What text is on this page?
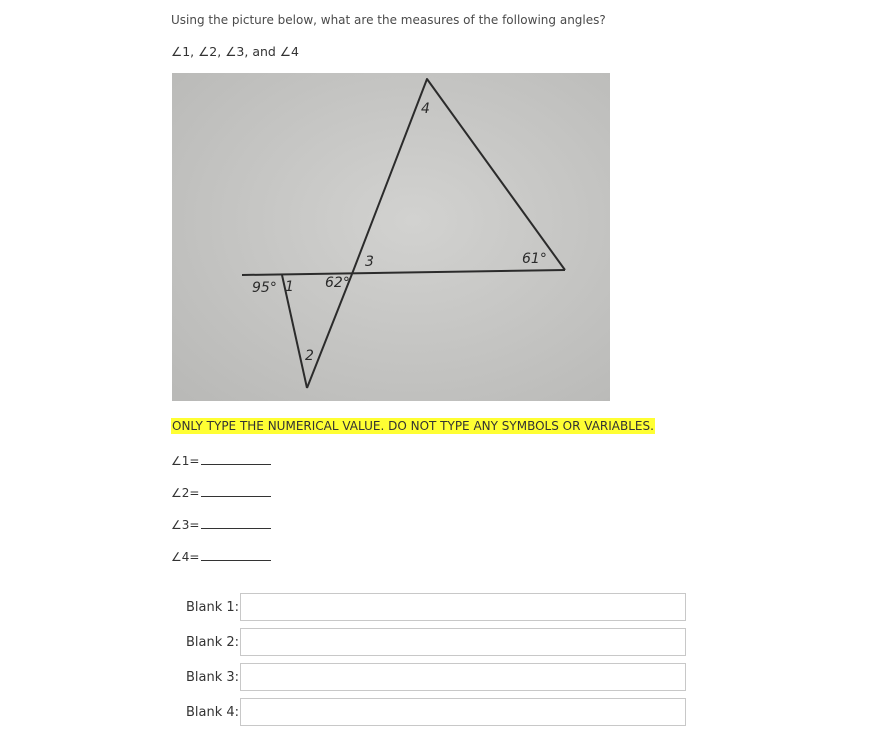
Using the picture below, what are the measures of the following angles?
∠1, ∠2, ∠3, and ∠4
95° 1 62°
2
3
4
61°
ONLY TYPE THE NUMERICAL VALUE. DO NOT TYPE ANY SYMBOLS OR VARIABLES.
∠1=
∠2=
∠3=
∠4=
Blank 1:
Blank 2:
Blank 3:
Blank 4:
